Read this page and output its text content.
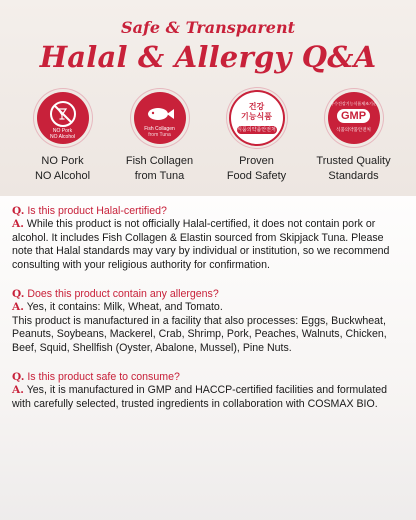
Safe & Transparent
Halal & Allergy Q&A
NO Pork
NO Alcohol
NO Pork
NO Alcohol
Fish Collagen
from Tuna
Fish Collagen
from Tuna
건강
기능식품
식품의약품안전처
Proven
Food Safety
우수건강기능식품제조기준
GMP
식품의약품안전처
Trusted Quality
Standards
Q. Is this product Halal-certified?
A. While this product is not officially Halal-certified, it does not contain pork or alcohol. It includes Fish Collagen & Elastin sourced from Skipjack Tuna. Please note that Halal standards may vary by individual or institution, so we recommend consulting with your religious authority for confirmation.
Q. Does this product contain any allergens?
A. Yes, it contains: Milk, Wheat, and Tomato.
This product is manufactured in a facility that also processes: Eggs, Buckwheat, Peanuts, Soybeans, Mackerel, Crab, Shrimp, Pork, Peaches, Walnuts, Chicken, Beef, Squid, Shellfish (Oyster, Abalone, Mussel), Pine Nuts.
Q. Is this product safe to consume?
A. Yes, it is manufactured in GMP and HACCP-certified facilities and formulated with carefully selected, trusted ingredients in collaboration with COSMAX BIO.
